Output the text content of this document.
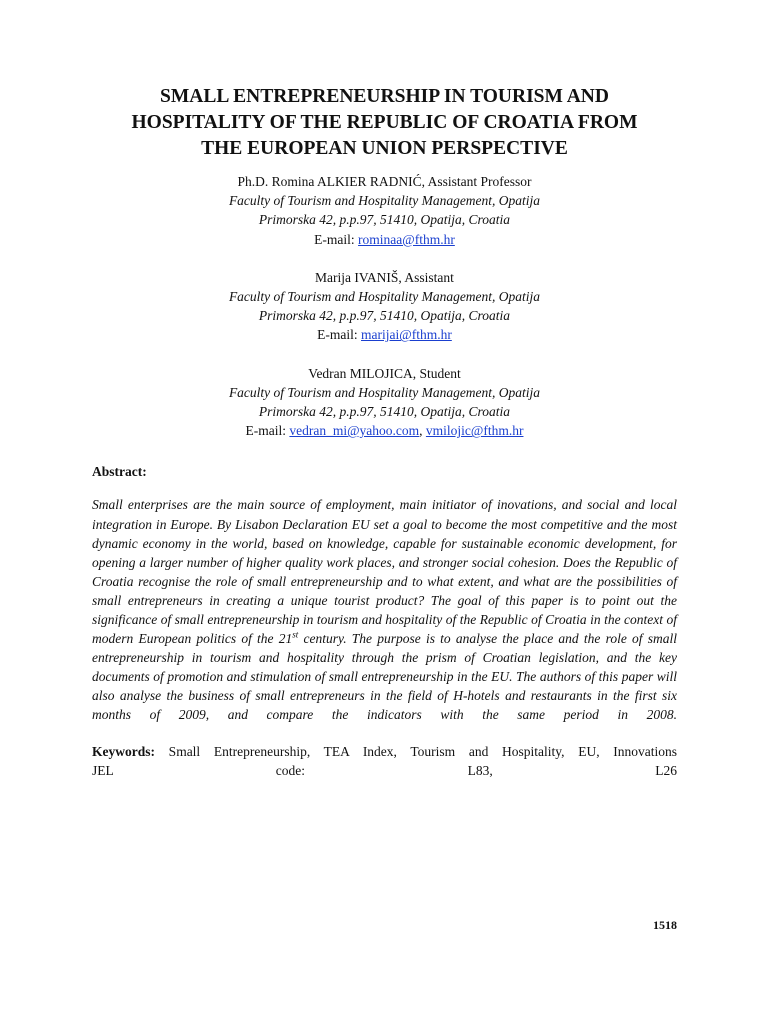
SMALL ENTREPRENEURSHIP IN TOURISM AND
HOSPITALITY OF THE REPUBLIC OF CROATIA FROM
THE EUROPEAN UNION PERSPECTIVE
Ph.D. Romina ALKIER RADNIĆ, Assistant Professor
Faculty of Tourism and Hospitality Management, Opatija
Primorska 42, p.p.97, 51410, Opatija, Croatia
E-mail: rominaa@fthm.hr
Marija IVANIŠ, Assistant
Faculty of Tourism and Hospitality Management, Opatija
Primorska 42, p.p.97, 51410, Opatija, Croatia
E-mail: marijai@fthm.hr
Vedran MILOJICA, Student
Faculty of Tourism and Hospitality Management, Opatija
Primorska 42, p.p.97, 51410, Opatija, Croatia
E-mail: vedran_mi@yahoo.com, vmilojic@fthm.hr
Abstract:

Small enterprises are the main source of employment, main initiator of inovations, and social and local integration in Europe. By Lisabon Declaration EU set a goal to become the most competitive and the most dynamic economy in the world, based on knowledge, capable for sustainable economic development, for opening a larger number of higher quality work places, and stronger social cohesion. Does the Republic of Croatia recognise the role of small entrepreneurship and to what extent, and what are the possibilities of small entrepreneurs in creating a unique tourist product? The goal of this paper is to point out the significance of small entrepreneurship in tourism and hospitality of the Republic of Croatia in the context of modern European politics of the 21st century. The purpose is to analyse the place and the role of small entrepreneurship in tourism and hospitality through the prism of Croatian legislation, and the key documents of promotion and stimulation of small entrepreneurship in the EU. The authors of this paper will also analyse the business of small entrepreneurs in the field of H-hotels and restaurants in the first six months of 2009, and compare the indicators with the same period in 2008.

Keywords: Small Entrepreneurship, TEA Index, Tourism and Hospitality, EU, Innovations
JEL code: L83, L26
1518
